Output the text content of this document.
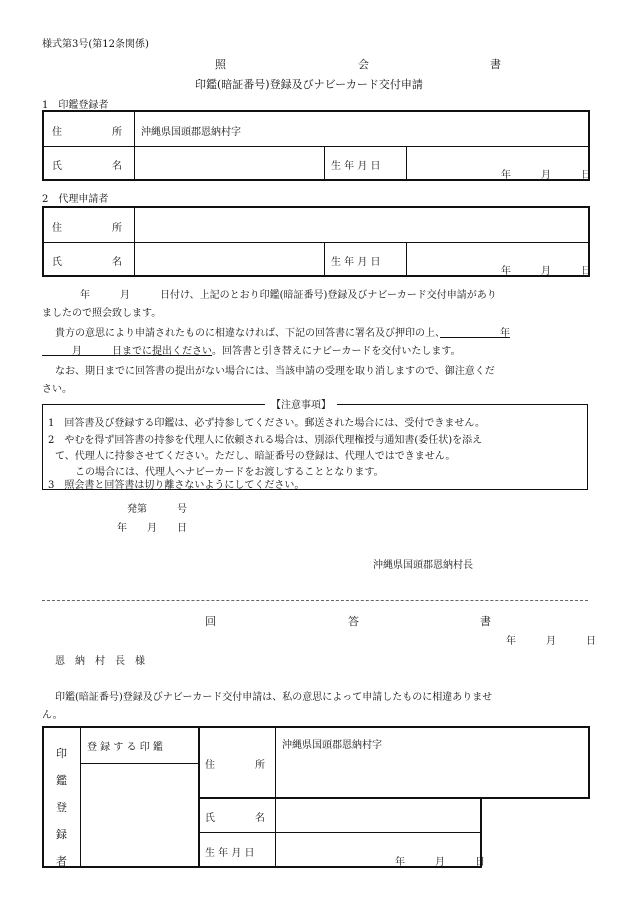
様式第3号(第12条関係)
照　　　　　　　　　　　　会　　　　　　　　　　　書
印鑑(暗証番号)登録及びナビーカード交付申請
1　印鑑登録者
住　　　　　所 沖縄県国頭郡恩納村字
氏　　　　　名	生 年 月 日
年　　　月　　　日
2　代理申請者
住　　　　　所
氏　　　　　名	生 年 月 日
年　　　月　　　日
年　　　月　　　日付け、上記のとおり印鑑(暗証番号)登録及びナビーカード交付申請があり
ましたので照会致します。
貴方の意思により申請されたものに相違なければ、下記の回答書に署名及び押印の上、　　　　　　年
　　　月　　　日までに提出ください。回答書と引き替えにナビーカードを交付いたします。
なお、期日までに回答書の提出がない場合には、当該申請の受理を取り消しますので、御注意くだ
さい。
【注意事項】
1　回答書及び登録する印鑑は、必ず持参してください。郵送された場合には、受付できません。
2　やむを得ず回答書の持参を代理人に依頼される場合は、別添代理権授与通知書(委任状)を添え
て、代理人に持参させてください。ただし、暗証番号の登録は、代理人ではできません。
この場合には、代理人へナビーカードをお渡しすることとなります。
3　照会書と回答書は切り離さないようにしてください。
発第　　　号
年　　月　　日
沖縄県国頭郡恩納村長
回　　　　　　　　　　　　答　　　　　　　　　　　書
年　　　月　　　日
恩　納　村　長　様
印鑑(暗証番号)登録及びナビーカード交付申請は、私の意思によって申請したものに相違ありませ
ん。
印
鑑
登
録
者
登 録 す る 印 鑑
住　　　　所
沖縄県国頭郡恩納村字
氏　　　　名
生 年 月 日
年　　　月　　　日
